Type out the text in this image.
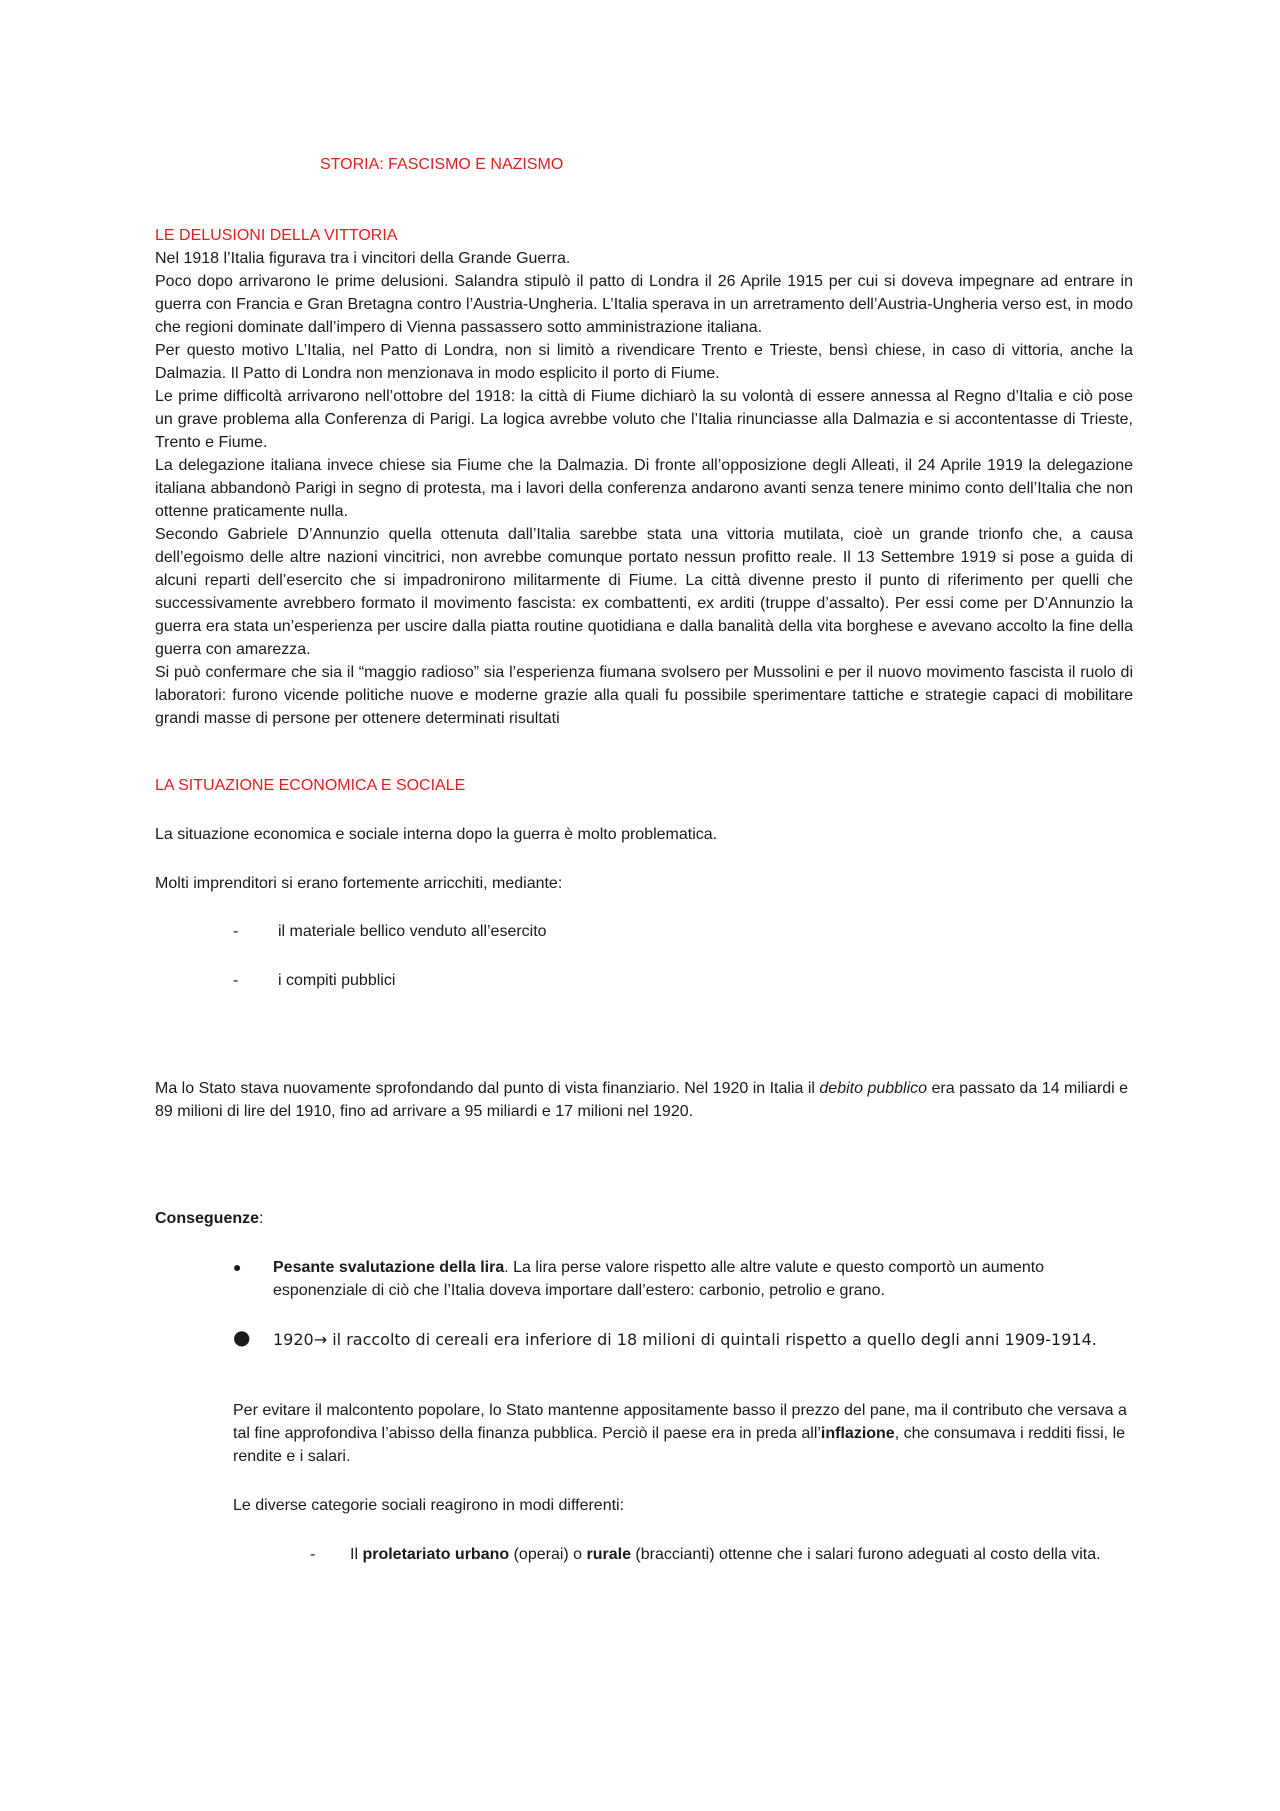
STORIA: FASCISMO E NAZISMO
LE DELUSIONI DELLA VITTORIA

Nel 1918 l’Italia figurava tra i vincitori della Grande Guerra.

Poco dopo arrivarono le prime delusioni. Salandra stipulò il patto di Londra il 26 Aprile 1915 per cui si doveva impegnare ad entrare in guerra con Francia e Gran Bretagna contro l’Austria-Ungheria. L’Italia sperava in un arretramento dell’Austria-Ungheria verso est, in modo che regioni dominate dall’impero di Vienna passassero sotto amministrazione italiana.

Per questo motivo L’Italia, nel Patto di Londra, non si limitò a rivendicare Trento e Trieste, bensì chiese, in caso di vittoria, anche la Dalmazia. Il Patto di Londra non menzionava in modo esplicito il porto di Fiume.

Le prime difficoltà arrivarono nell’ottobre del 1918: la città di Fiume dichiarò la su volontà di essere annessa al Regno d’Italia e ciò pose un grave problema alla Conferenza di Parigi. La logica avrebbe voluto che l’Italia rinunciasse alla Dalmazia e si accontentasse di Trieste, Trento e Fiume.

La delegazione italiana invece chiese sia Fiume che la Dalmazia. Di fronte all’opposizione degli Alleati, il 24 Aprile 1919 la delegazione italiana abbandonò Parigi in segno di protesta, ma i lavori della conferenza andarono avanti senza tenere minimo conto dell’Italia che non ottenne praticamente nulla.

Secondo Gabriele D’Annunzio quella ottenuta dall’Italia sarebbe stata una vittoria mutilata, cioè un grande trionfo che, a causa dell’egoismo delle altre nazioni vincitrici, non avrebbe comunque portato nessun profitto reale. Il 13 Settembre 1919 si pose a guida di alcuni reparti dell’esercito che si impadronirono militarmente di Fiume. La città divenne presto il punto di riferimento per quelli che successivamente avrebbero formato il movimento fascista: ex combattenti, ex arditi (truppe d’assalto). Per essi come per D’Annunzio la guerra era stata un’esperienza per uscire dalla piatta routine quotidiana e dalla banalità della vita borghese e avevano accolto la fine della guerra con amarezza.

Si può confermare che sia il “maggio radioso” sia l’esperienza fiumana svolsero per Mussolini e per il nuovo movimento fascista il ruolo di laboratori: furono vicende politiche nuove e moderne grazie alla quali fu possibile sperimentare tattiche e strategie capaci di mobilitare grandi masse di persone per ottenere determinati risultati

LA SITUAZIONE ECONOMICA E SOCIALE

La situazione economica e sociale interna dopo la guerra è molto problematica.

Molti imprenditori si erano fortemente arricchiti, mediante:

- il materiale bellico venduto all’esercito

- i compiti pubblici

Ma lo Stato stava nuovamente sprofondando dal punto di vista finanziario. Nel 1920 in Italia il debito pubblico era passato da 14 miliardi e 89 milioni di lire del 1910, fino ad arrivare a 95 miliardi e 17 milioni nel 1920.

Conseguenze:

●	Pesante svalutazione della lira. La lira perse valore rispetto alle altre valute e questo comportò un aumento esponenziale di ciò che l’Italia doveva importare dall’estero: carbonio, petrolio e grano.

●	1920→ il raccolto di cereali era inferiore di 18 milioni di quintali rispetto a quello degli anni 1909-1914.

Per evitare il malcontento popolare, lo Stato mantenne appositamente basso il prezzo del pane, ma il contributo che versava a tal fine approfondiva l’abisso della finanza pubblica. Perciò il paese era in preda all’inflazione, che consumava i redditi fissi, le rendite e i salari.

Le diverse categorie sociali reagirono in modi differenti:

-	Il proletariato urbano (operai) o rurale (braccianti) ottenne che i salari furono adeguati al costo della vita.
